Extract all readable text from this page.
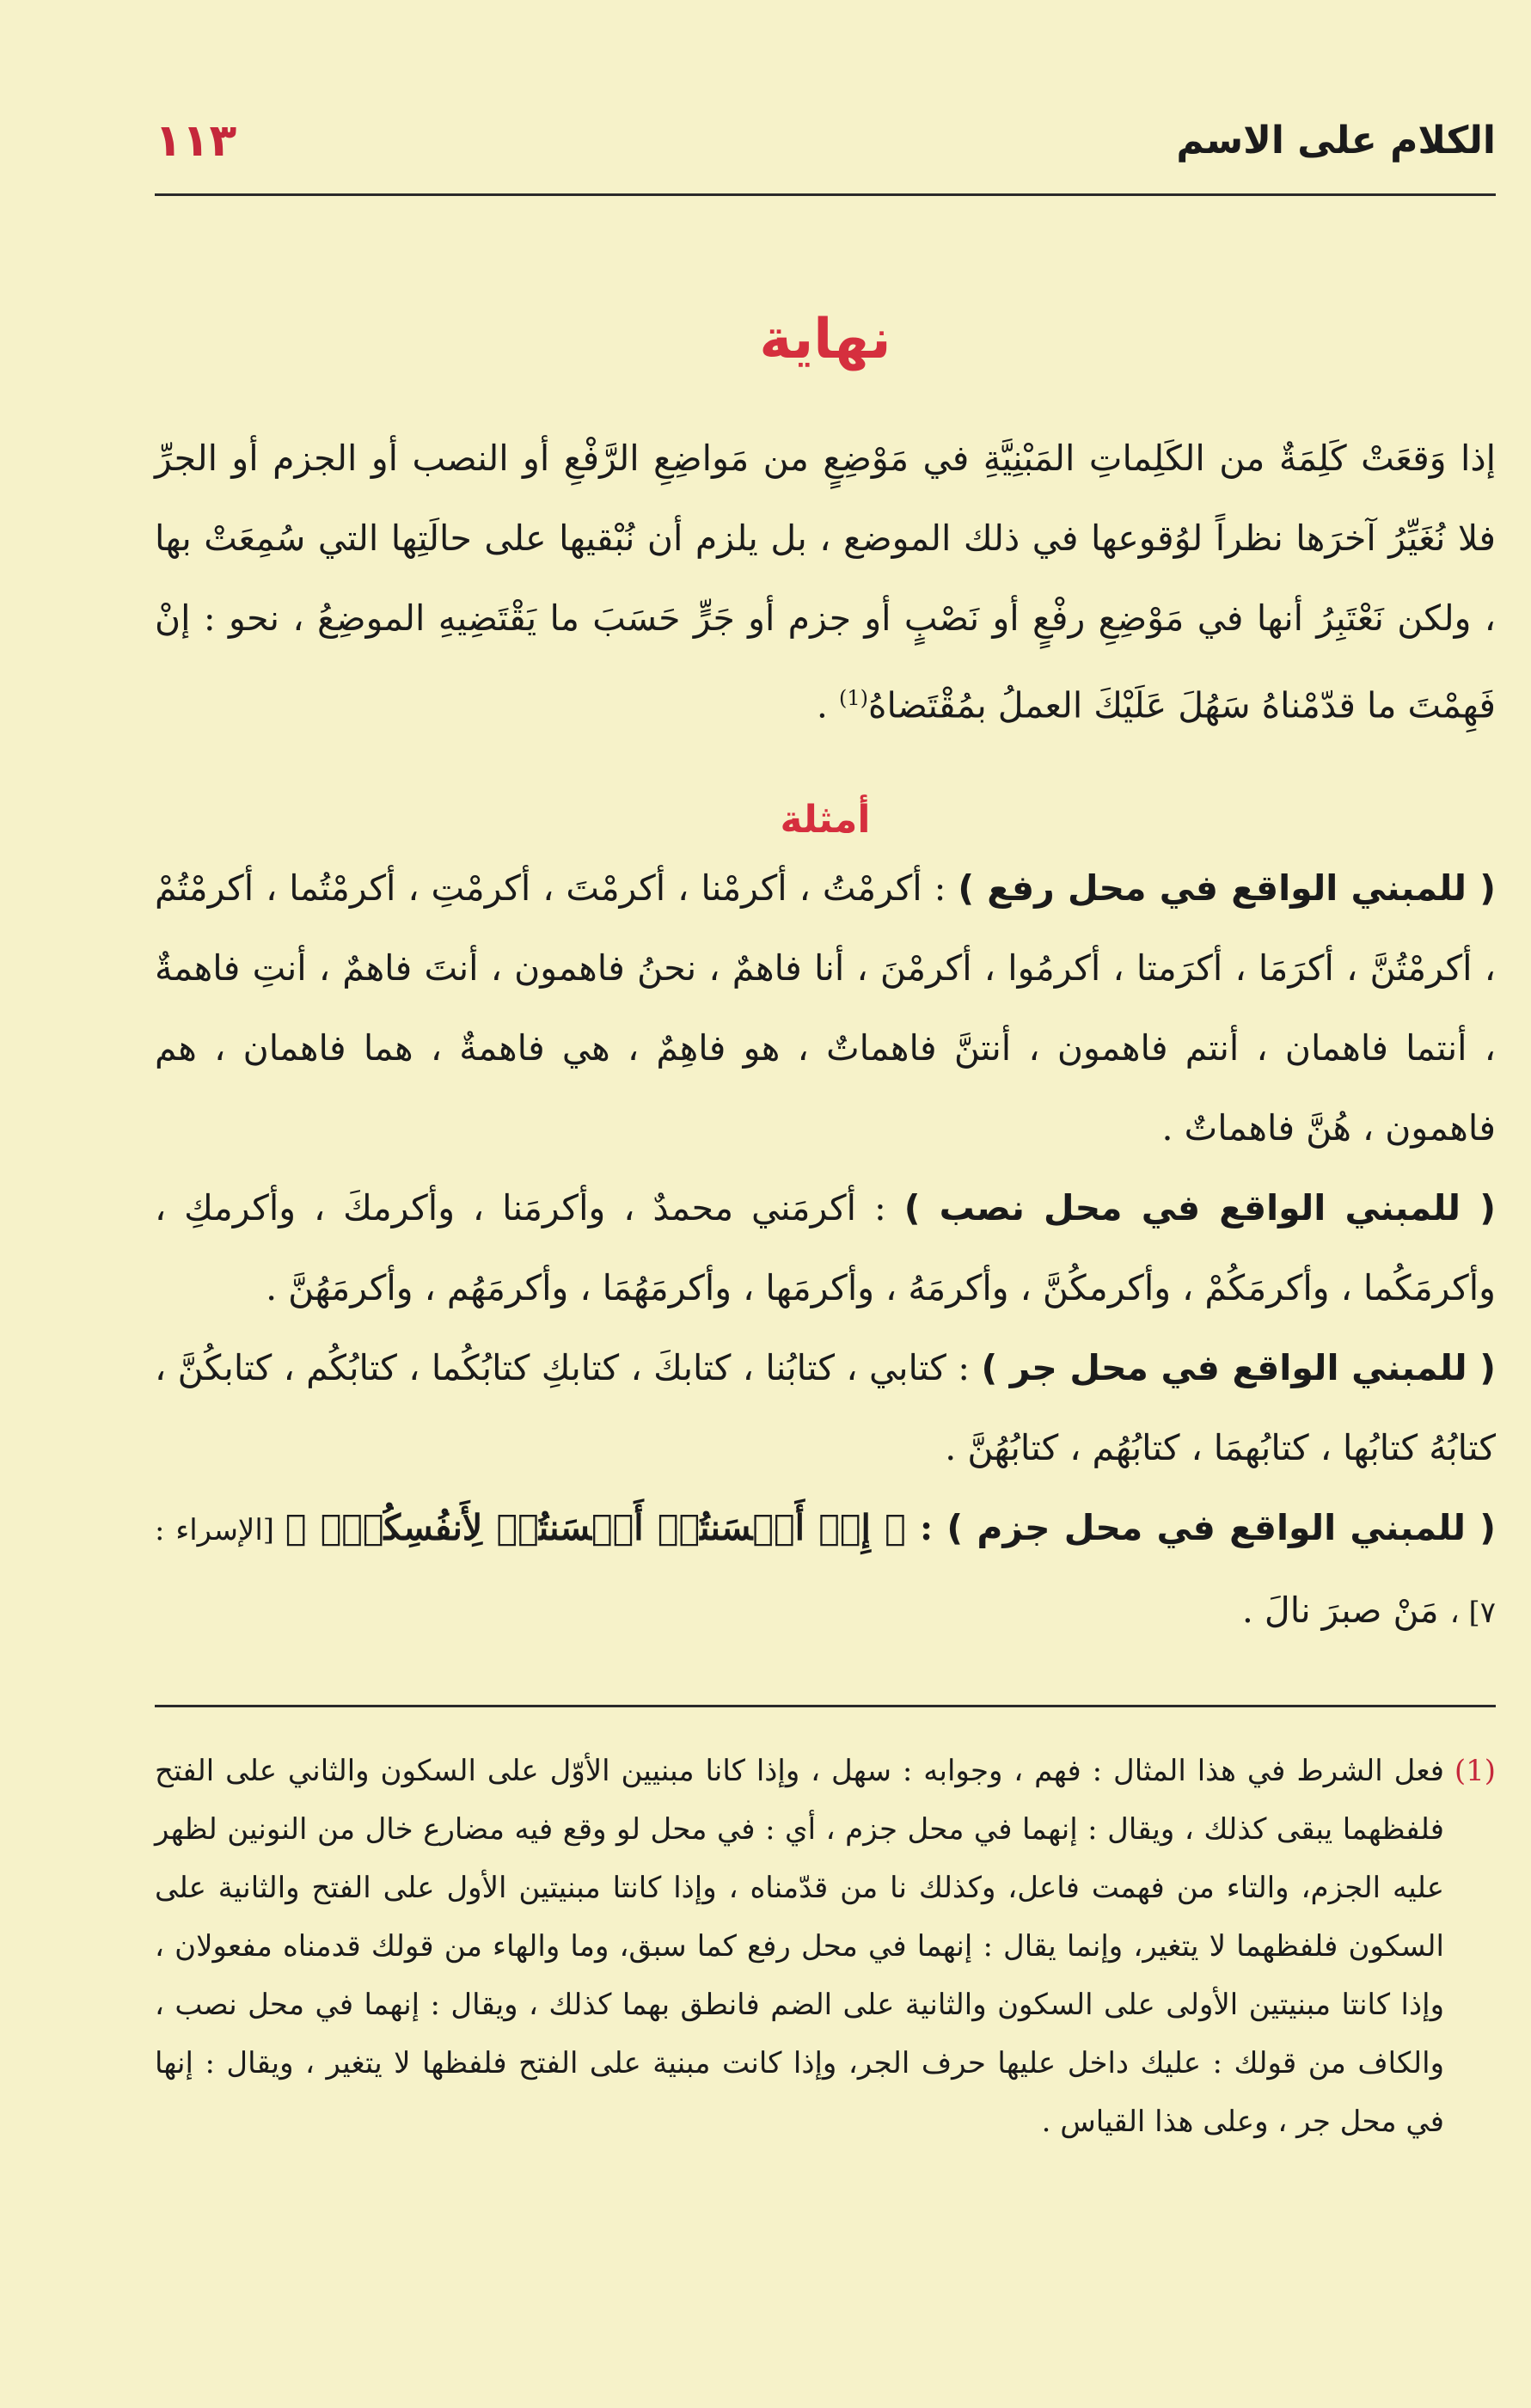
الكلام على الاسم
١١٣
نهاية

إذا وَقعَتْ كَلِمَةٌ من الكَلِماتِ المَبْنِيَّةِ في مَوْضِعٍ من مَواضِعِ الرَّفْعِ أو النصب أو الجزم أو الجرِّ فلا نُغَيِّرُ آخرَها نظراً لوُقوعها في ذلك الموضع ، بل يلزم أن نُبْقيها على حالَتِها التي سُمِعَتْ بها ، ولكن نَعْتَبِرُ أنها في مَوْضِعِ رفْعٍ أو نَصْبٍ أو جزم أو جَرٍّ حَسَبَ ما يَقْتَضِيهِ الموضِعُ ، نحو : إنْ فَهِمْتَ ما قدّمْناهُ سَهُلَ عَلَيْكَ العملُ بمُقْتَضاهُ$^{(1)}$ .

أمثلة

( للمبني الواقع في محل رفع ) : أكرمْتُ ، أكرمْنا ، أكرمْتَ ، أكرمْتِ ، أكرمْتُما ، أكرمْتُمْ ، أكرمْتُنَّ ، أكرَمَا ، أكرَمتا ، أكرمُوا ، أكرمْنَ ، أنا فاهمٌ ، نحنُ فاهمون ، أنتَ فاهمٌ ، أنتِ فاهمةٌ ، أنتما فاهمان ، أنتم فاهمون ، أنتنَّ فاهماتٌ ، هو فاهِمٌ ، هي فاهمةٌ ، هما فاهمان ، هم فاهمون ، هُنَّ فاهماتٌ .

( للمبني الواقع في محل نصب ) : أكرمَني محمدٌ ، وأكرمَنا ، وأكرمكَ ، وأكرمكِ ، وأكرمَكُما ، وأكرمَكُمْ ، وأكرمكُنَّ ، وأكرمَهُ ، وأكرمَها ، وأكرمَهُمَا ، وأكرمَهُم ، وأكرمَهُنَّ .

( للمبني الواقع في محل جر ) : كتابي ، كتابُنا ، كتابكَ ، كتابكِ كتابُكُما ، كتابُكُم ، كتابكُنَّ ، كتابُهُ كتابُها ، كتابُهمَا ، كتابُهُم ، كتابُهُنَّ .

( للمبني الواقع في محل جزم ) : ﴿ إِنۡ أَحۡسَنتُمۡ أَحۡسَنتُمۡ لِأَنفُسِكُمۡۖ ﴾ [الإسراء : ٧] ، مَنْ صبرَ نالَ .

(1)
فعل الشرط في هذا المثال : فهم ، وجوابه : سهل ، وإذا كانا مبنيين الأوّل على السكون والثاني على الفتح فلفظهما يبقى كذلك ، ويقال : إنهما في محل جزم ، أي : في محل لو وقع فيه مضارع خال من النونين لظهر عليه الجزم، والتاء من فهمت فاعل، وكذلك نا من قدّمناه ، وإذا كانتا مبنيتين الأول على الفتح والثانية على السكون فلفظهما لا يتغير، وإنما يقال : إنهما في محل رفع كما سبق، وما والهاء من قولك قدمناه مفعولان ، وإذا كانتا مبنيتين الأولى على السكون والثانية على الضم فانطق بهما كذلك ، ويقال : إنهما في محل نصب ، والكاف من قولك : عليك داخل عليها حرف الجر، وإذا كانت مبنية على الفتح فلفظها لا يتغير ، ويقال : إنها في محل جر ، وعلى هذا القياس .
